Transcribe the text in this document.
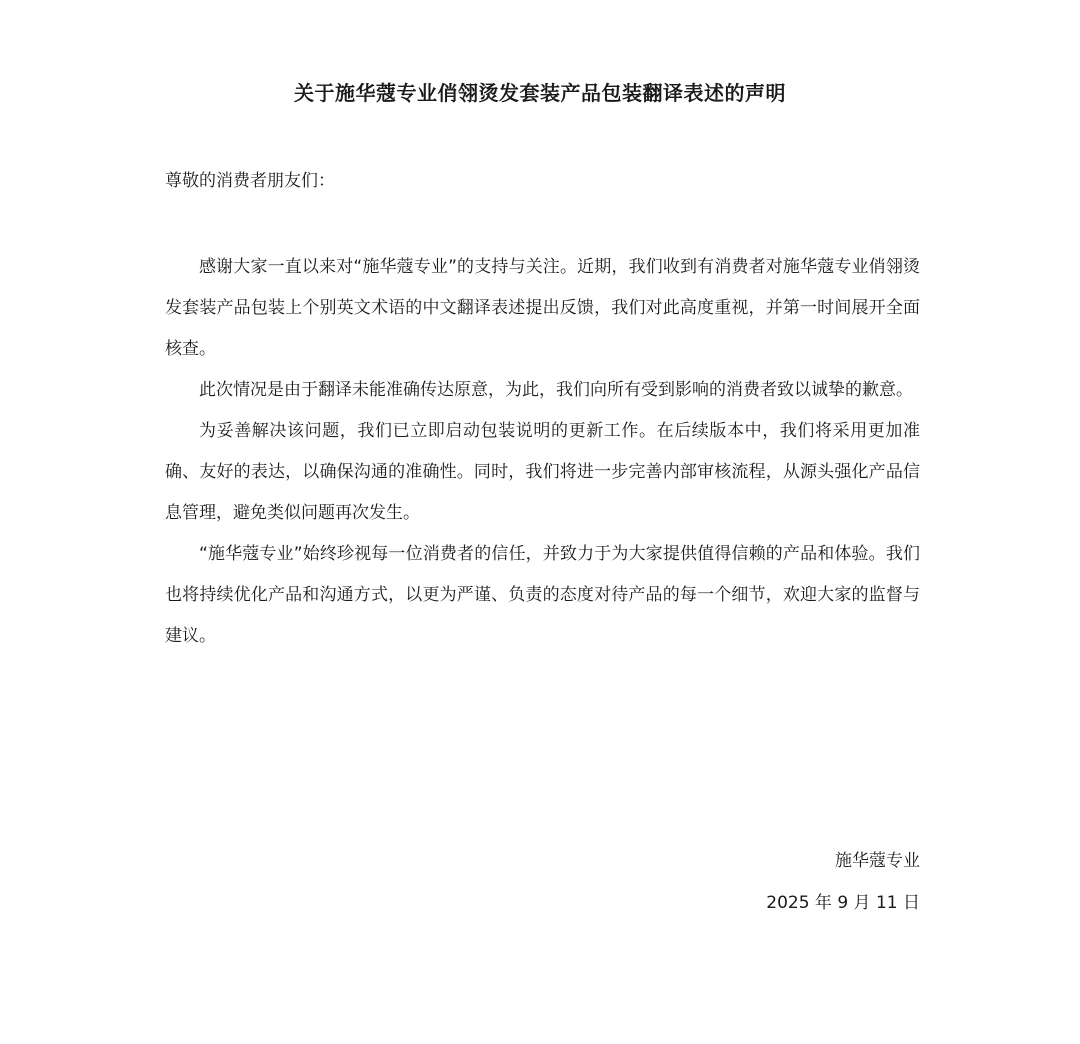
关于施华蔻专业俏翎烫发套装产品包装翻译表述的声明
尊敬的消费者朋友们：

感谢大家一直以来对“施华蔻专业”的支持与关注。近期，我们收到有消费者对施华蔻专业俏翎烫发套装产品包装上个别英文术语的中文翻译表述提出反馈，我们对此高度重视，并第一时间展开全面核查。

此次情况是由于翻译未能准确传达原意，为此，我们向所有受到影响的消费者致以诚挚的歉意。

为妥善解决该问题，我们已立即启动包装说明的更新工作。在后续版本中，我们将采用更加准确、友好的表达，以确保沟通的准确性。同时，我们将进一步完善内部审核流程，从源头强化产品信息管理，避免类似问题再次发生。

“施华蔻专业”始终珍视每一位消费者的信任，并致力于为大家提供值得信赖的产品和体验。我们也将持续优化产品和沟通方式，以更为严谨、负责的态度对待产品的每一个细节，欢迎大家的监督与建议。

施华蔻专业
2025 年 9 月 11 日
